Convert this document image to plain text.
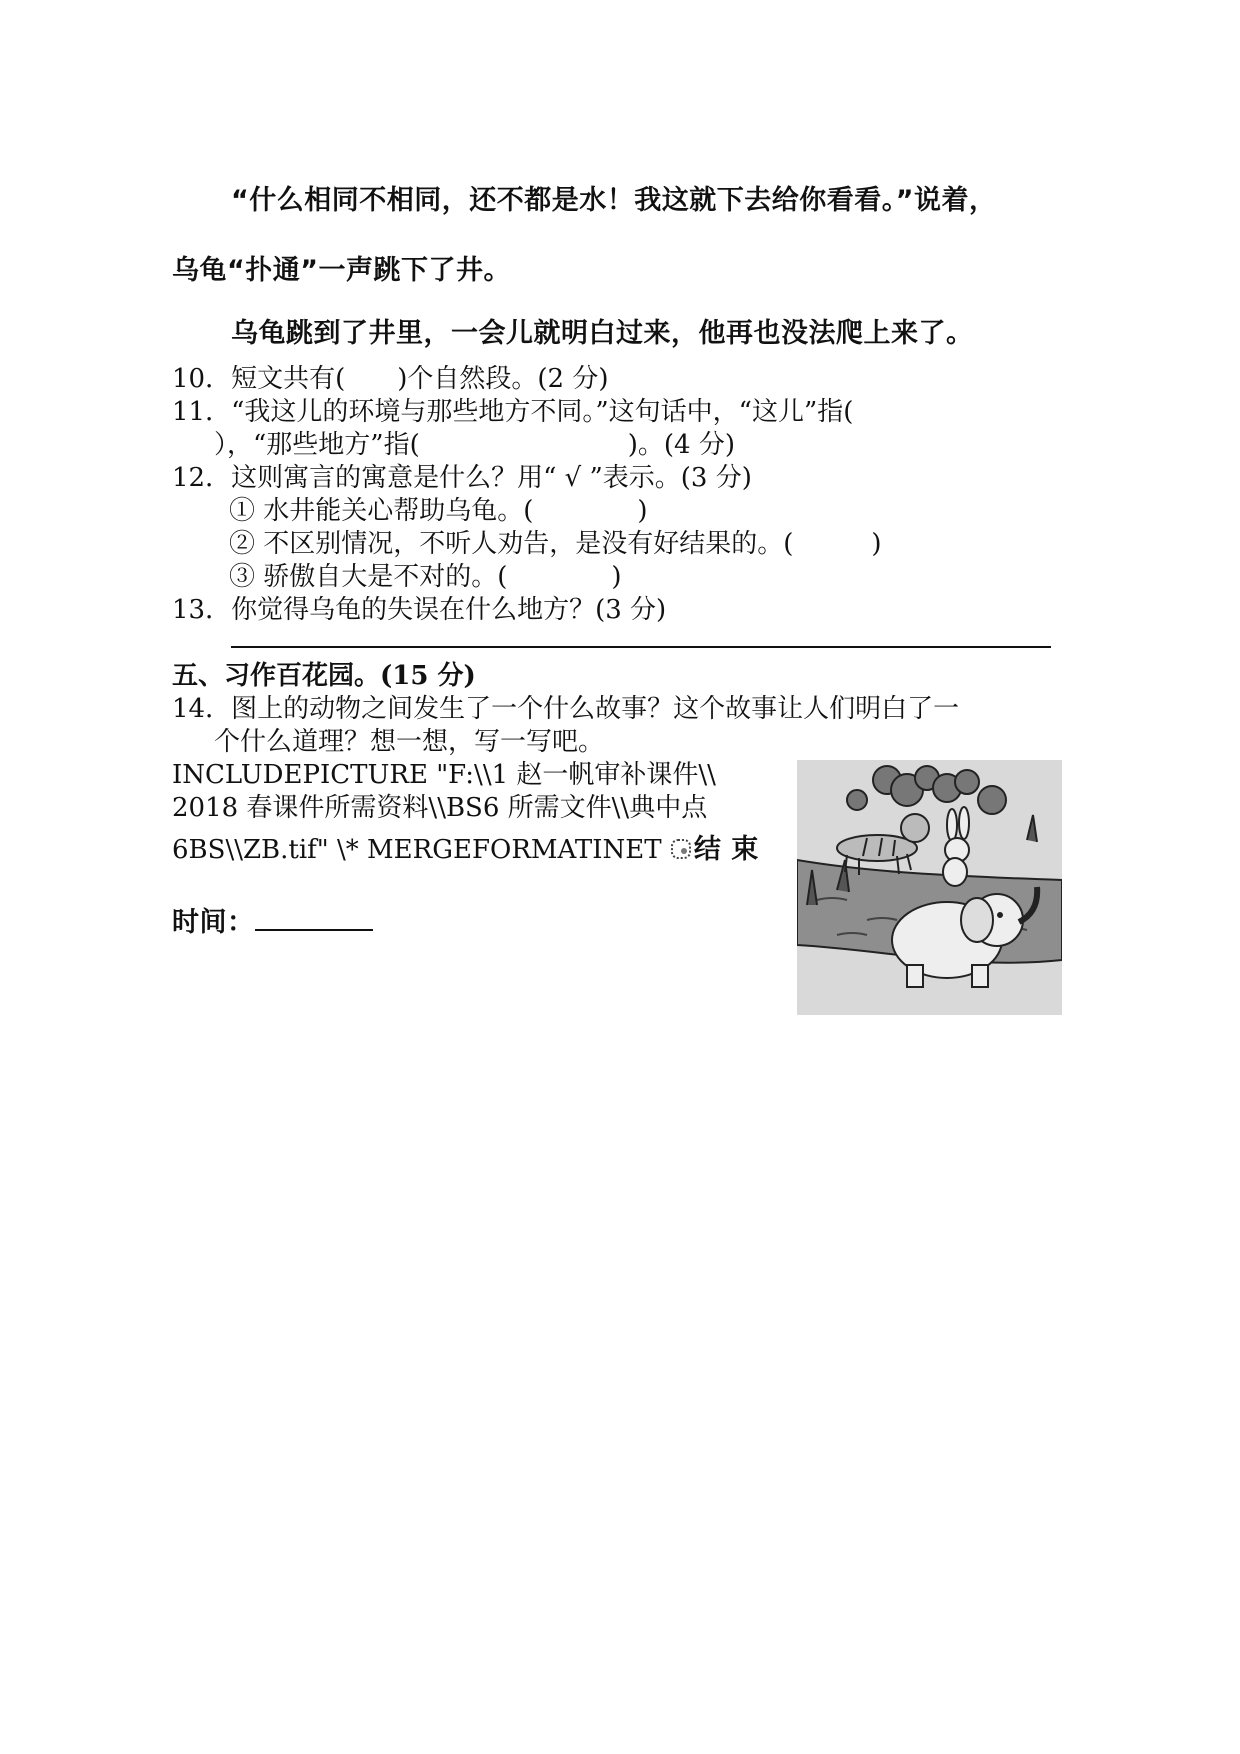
“什么相同不相同，还不都是水！我这就下去给你看看。”说着，
乌龟“扑通”一声跳下了井。
乌龟跳到了井里，一会儿就明白过来，他再也没法爬上来了。
10．短文共有(　　)个自然段。(2 分)
11．“我这儿的环境与那些地方不同。”这句话中，“这儿”指(
），“那些地方”指(　　　　　　　　)。(4 分)
12．这则寓言的寓意是什么？用“ √ ”表示。(3 分)
① 水井能关心帮助乌龟。(　　　　)
② 不区别情况，不听人劝告，是没有好结果的。(　　　)
③ 骄傲自大是不对的。(　　　　)
13．你觉得乌龟的失误在什么地方？(3 分)
五、习作百花园。(15 分)
14．图上的动物之间发生了一个什么故事？这个故事让人们明白了一
个什么道理？想一想，写一写吧。
INCLUDEPICTURE "F:\\1 赵一帆审补课件\\
2018 春课件所需资料\\BS6 所需文件\\典中点
6BS\\ZB.tif" \* MERGEFORMATINET 结 束
时间：
